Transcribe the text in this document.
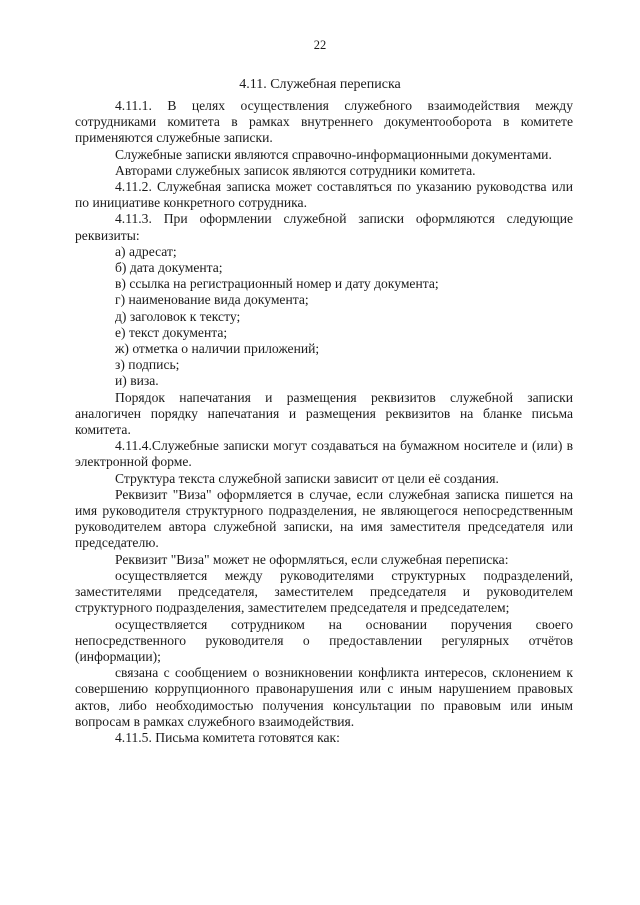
22
4.11. Служебная переписка

4.11.1. В целях осуществления служебного взаимодействия между сотрудниками комитета в рамках внутреннего документооборота в комитете применяются служебные записки.

Служебные записки являются справочно-информационными документами.

Авторами служебных записок являются сотрудники комитета.

4.11.2. Служебная записка может составляться по указанию руководства или по инициативе конкретного сотрудника.

4.11.3. При оформлении служебной записки оформляются следующие реквизиты:

а) адресат;

б) дата документа;

в) ссылка на регистрационный номер и дату документа;

г) наименование вида документа;

д) заголовок к тексту;

е) текст документа;

ж) отметка о наличии приложений;

з) подпись;

и) виза.

Порядок напечатания и размещения реквизитов служебной записки аналогичен порядку напечатания и размещения реквизитов на бланке письма комитета.

4.11.4.Служебные записки могут создаваться на бумажном носителе и (или) в электронной форме.

Структура текста служебной записки зависит от цели её создания.

Реквизит "Виза" оформляется в случае, если служебная записка пишется на имя руководителя структурного подразделения, не являющегося непосредственным руководителем автора служебной записки, на имя заместителя председателя или председателю.

Реквизит "Виза" может не оформляться, если служебная переписка:

осуществляется между руководителями структурных подразделений, заместителями председателя, заместителем председателя и руководителем структурного подразделения, заместителем председателя и председателем;

осуществляется сотрудником на основании поручения своего непосредственного руководителя о предоставлении регулярных отчётов (информации);

связана с сообщением о возникновении конфликта интересов, склонением к совершению коррупционного правонарушения или с иным нарушением правовых актов, либо необходимостью получения консультации по правовым или иным вопросам в рамках служебного взаимодействия.

4.11.5. Письма комитета готовятся как:
